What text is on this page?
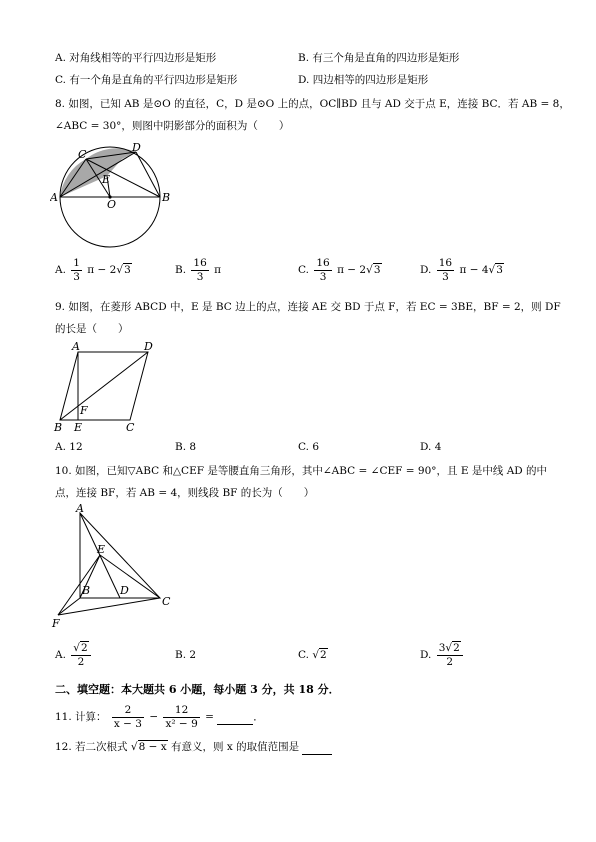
A. 对角线相等的平行四边形是矩形	B. 有三个角是直角的四边形是矩形
C. 有一个角是直角的平行四边形是矩形	D. 四边相等的四边形是矩形
8. 如图，已知 AB 是⊙O 的直径，C，D 是⊙O 上的点，OC∥BD 且与 AD 交于点 E，连接 BC．若 AB = 8，
∠ABC = 30°，则图中阴影部分的面积为（　　）
C
D
E
A
O
B
A. $\frac{1}{3}$ π − 2√3	B. $\frac{16}{3}$ π	C. $\frac{16}{3}$ π − 2√3	D. $\frac{16}{3}$ π − 4√3
9. 如图，在菱形 ABCD 中，E 是 BC 边上的点，连接 AE 交 BD 于点 F，若 EC = 3BE，BF = 2，则 DF
的长是（　　）
A	D
F
B E	C
A. 12	B. 8	C. 6	D. 4
10. 如图，已知▽ABC 和△CEF 是等腰直角三角形，其中∠ABC = ∠CEF = 90°，且 E 是中线 AD 的中
点，连接 BF，若 AB = 4，则线段 BF 的长为（　　）
A
E
B	D
C
F
A. $\frac{√2}{2}$	B. 2	C. √2	D. $\frac{3√2}{2}$
二、填空题：本大题共 6 小题，每小题 3 分，共 18 分．
11. 计算： $\frac{2}{x - 3} - \frac{12}{\text{x² − 9}}$ =	．
12. 若二次根式 √8 − x 有意义，则 x 的取值范围是
